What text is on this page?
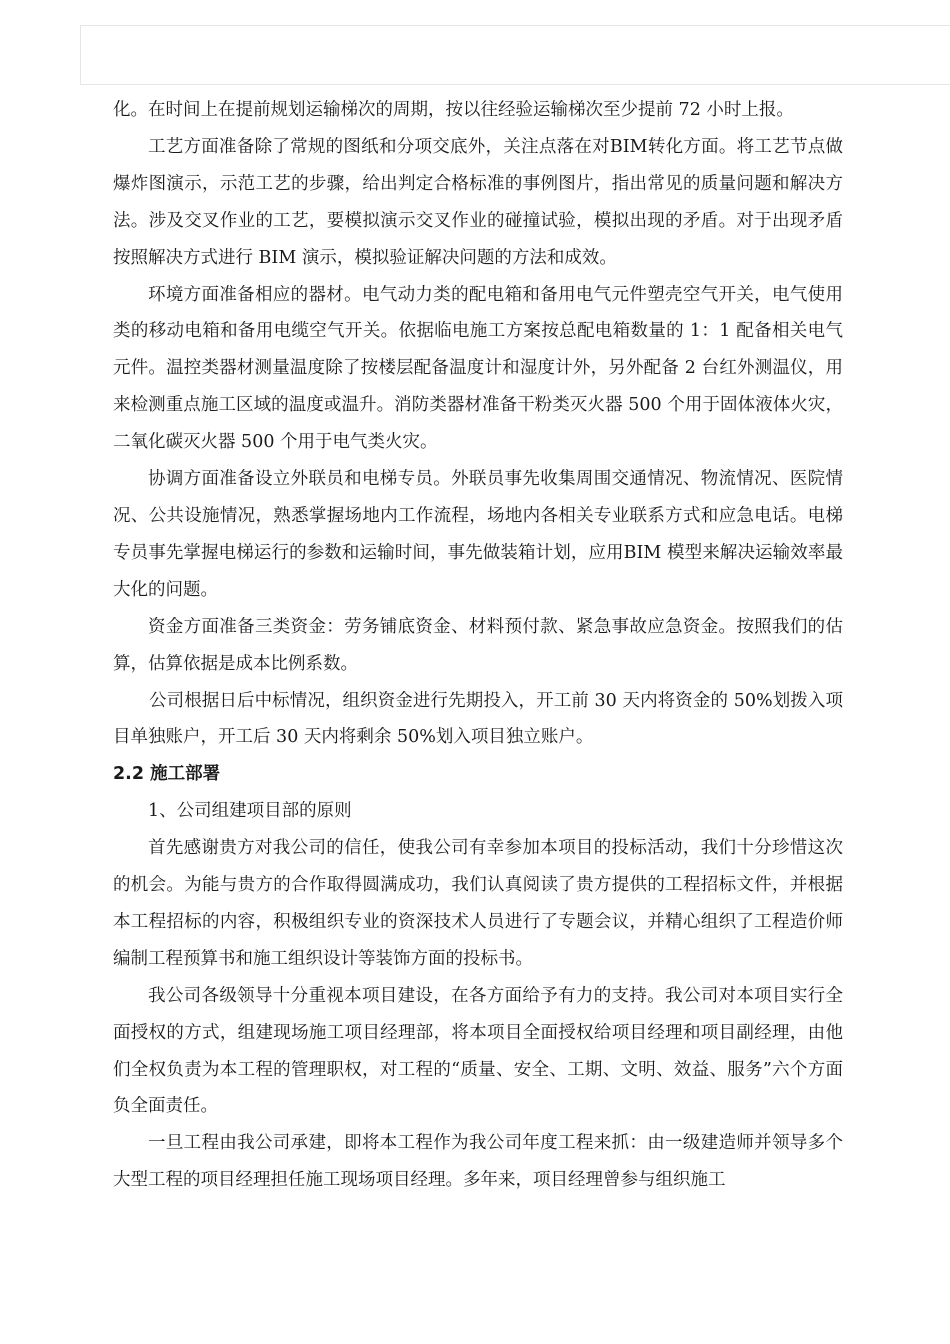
化。在时间上在提前规划运输梯次的周期，按以往经验运输梯次至少提前 72 小时上报。

工艺方面准备除了常规的图纸和分项交底外，关注点落在对BIM转化方面。将工艺节点做爆炸图演示，示范工艺的步骤，给出判定合格标准的事例图片，指出常见的质量问题和解决方法。涉及交叉作业的工艺，要模拟演示交叉作业的碰撞试验，模拟出现的矛盾。对于出现矛盾按照解决方式进行 BIM 演示，模拟验证解决问题的方法和成效。

环境方面准备相应的器材。电气动力类的配电箱和备用电气元件塑壳空气开关，电气使用类的移动电箱和备用电缆空气开关。依据临电施工方案按总配电箱数量的 1：1 配备相关电气元件。温控类器材测量温度除了按楼层配备温度计和湿度计外，另外配备 2 台红外测温仪，用来检测重点施工区域的温度或温升。消防类器材准备干粉类灭火器 500 个用于固体液体火灾，二氧化碳灭火器 500 个用于电气类火灾。

协调方面准备设立外联员和电梯专员。外联员事先收集周围交通情况、物流情况、医院情况、公共设施情况，熟悉掌握场地内工作流程，场地内各相关专业联系方式和应急电话。电梯专员事先掌握电梯运行的参数和运输时间，事先做装箱计划，应用BIM 模型来解决运输效率最大化的问题。

资金方面准备三类资金：劳务铺底资金、材料预付款、紧急事故应急资金。按照我们的估算，估算依据是成本比例系数。

公司根据日后中标情况，组织资金进行先期投入，开工前 30 天内将资金的 50%划拨入项目单独账户，开工后 30 天内将剩余 50%划入项目独立账户。

2.2 施工部署

1、公司组建项目部的原则

首先感谢贵方对我公司的信任，使我公司有幸参加本项目的投标活动，我们十分珍惜这次的机会。为能与贵方的合作取得圆满成功，我们认真阅读了贵方提供的工程招标文件，并根据本工程招标的内容，积极组织专业的资深技术人员进行了专题会议，并精心组织了工程造价师编制工程预算书和施工组织设计等装饰方面的投标书。

我公司各级领导十分重视本项目建设，在各方面给予有力的支持。我公司对本项目实行全面授权的方式，组建现场施工项目经理部，将本项目全面授权给项目经理和项目副经理，由他们全权负责为本工程的管理职权，对工程的“质量、安全、工期、文明、效益、服务”六个方面负全面责任。

一旦工程由我公司承建，即将本工程作为我公司年度工程来抓：由一级建造师并领导多个大型工程的项目经理担任施工现场项目经理。多年来，项目经理曾参与组织施工
